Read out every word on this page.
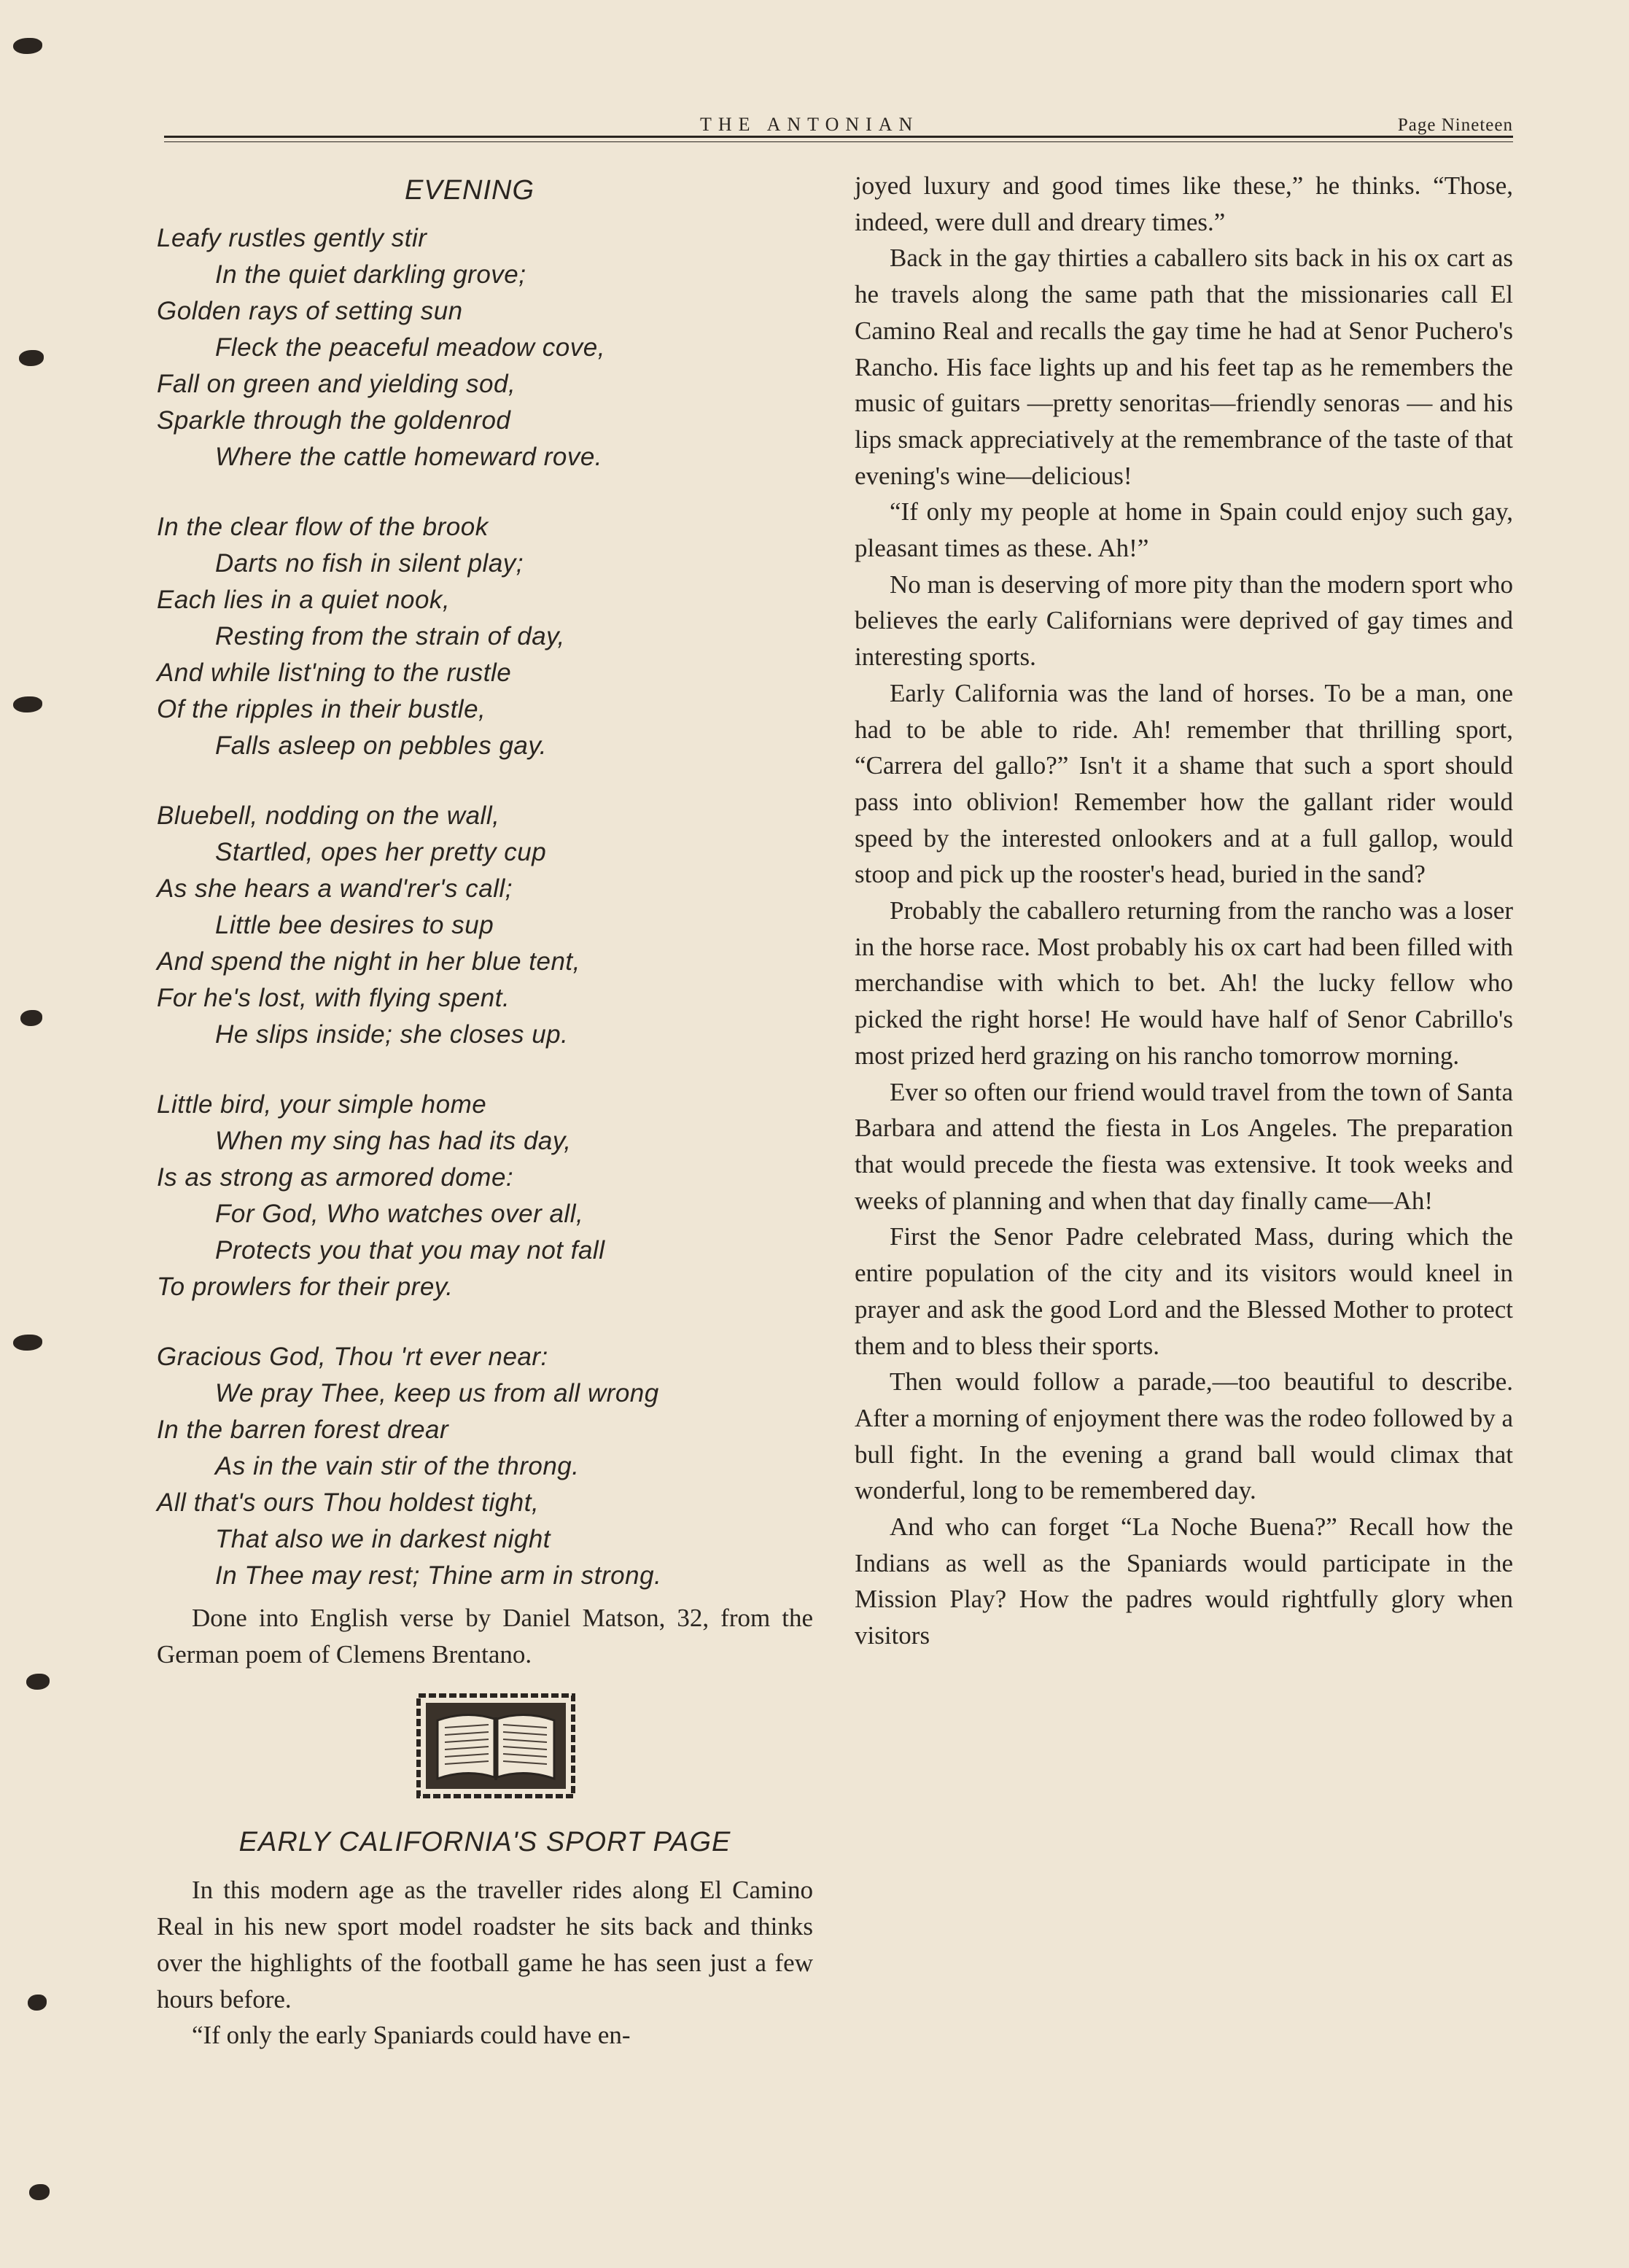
THE ANTONIAN	Page Nineteen
EVENING
Leafy rustles gently stir
In the quiet darkling grove;
Golden rays of setting sun
Fleck the peaceful meadow cove,
Fall on green and yielding sod,
Sparkle through the goldenrod
Where the cattle homeward rove.
In the clear flow of the brook
Darts no fish in silent play;
Each lies in a quiet nook,
Resting from the strain of day,
And while list'ning to the rustle
Of the ripples in their bustle,
Falls asleep on pebbles gay.
Bluebell, nodding on the wall,
Startled, opes her pretty cup
As she hears a wand'rer's call;
Little bee desires to sup
And spend the night in her blue tent,
For he's lost, with flying spent.
He slips inside; she closes up.
Little bird, your simple home
When my sing has had its day,
Is as strong as armored dome:
For God, Who watches over all,
Protects you that you may not fall
To prowlers for their prey.
Gracious God, Thou 'rt ever near:
We pray Thee, keep us from all wrong
In the barren forest drear
As in the vain stir of the throng.
All that's ours Thou holdest tight,
That also we in darkest night
In Thee may rest; Thine arm in strong.

Done into English verse by Daniel Matson, 32, from the German poem of Clemens Brentano.

EARLY CALIFORNIA'S SPORT PAGE

In this modern age as the traveller rides along El Camino Real in his new sport model roadster he sits back and thinks over the highlights of the football game he has seen just a few hours before.

“If only the early Spaniards could have en-

joyed luxury and good times like these,” he thinks. “Those, indeed, were dull and dreary times.”

Back in the gay thirties a caballero sits back in his ox cart as he travels along the same path that the missionaries call El Camino Real and recalls the gay time he had at Senor Puchero's Rancho. His face lights up and his feet tap as he remembers the music of guitars —pretty senoritas—friendly senoras — and his lips smack appreciatively at the remembrance of the taste of that evening's wine—delicious!

“If only my people at home in Spain could enjoy such gay, pleasant times as these. Ah!”

No man is deserving of more pity than the modern sport who believes the early Californians were deprived of gay times and interesting sports.

Early California was the land of horses. To be a man, one had to be able to ride. Ah! remember that thrilling sport, “Carrera del gallo?” Isn't it a shame that such a sport should pass into oblivion! Remember how the gallant rider would speed by the interested onlookers and at a full gallop, would stoop and pick up the rooster's head, buried in the sand?

Probably the caballero returning from the rancho was a loser in the horse race. Most probably his ox cart had been filled with merchandise with which to bet. Ah! the lucky fellow who picked the right horse! He would have half of Senor Cabrillo's most prized herd grazing on his rancho tomorrow morning.

Ever so often our friend would travel from the town of Santa Barbara and attend the fiesta in Los Angeles. The preparation that would precede the fiesta was extensive. It took weeks and weeks of planning and when that day finally came—Ah!

First the Senor Padre celebrated Mass, during which the entire population of the city and its visitors would kneel in prayer and ask the good Lord and the Blessed Mother to protect them and to bless their sports.

Then would follow a parade,—too beautiful to describe. After a morning of enjoyment there was the rodeo followed by a bull fight. In the evening a grand ball would climax that wonderful, long to be remembered day.

And who can forget “La Noche Buena?” Recall how the Indians as well as the Spaniards would participate in the Mission Play? How the padres would rightfully glory when visitors
